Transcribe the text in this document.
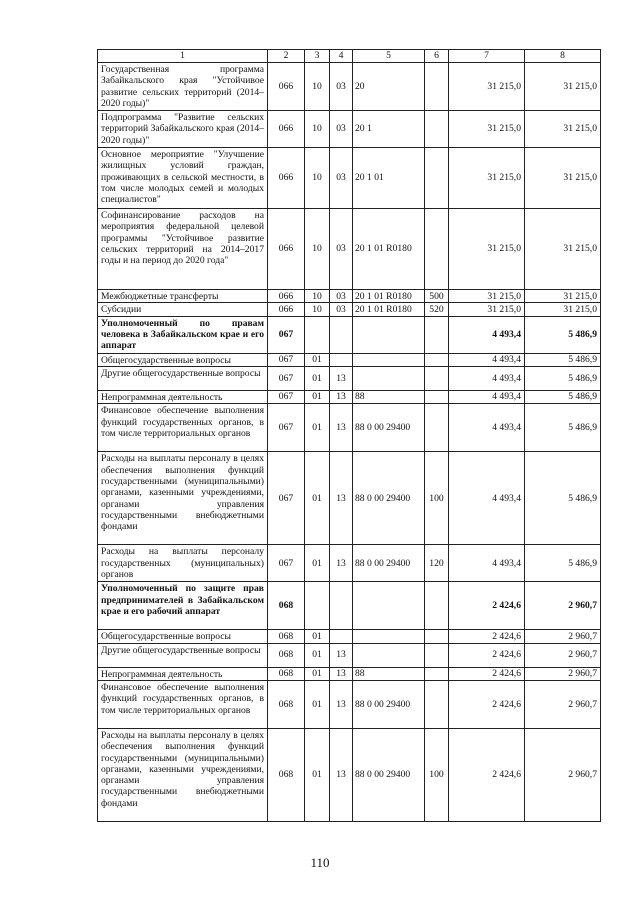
1	2	3	4	5	6	7	8
Государственная программа Забайкальского края "Устойчивое развитие сельских территорий (2014–2020 годы)"	066	10	03	20		31 215,0	31 215,0
Подпрограмма "Развитие сельских территорий Забайкальского края (2014–2020 годы)"	066	10	03	20 1		31 215,0	31 215,0
Основное мероприятие "Улучшение жилищных условий граждан, проживающих в сельской местности, в том числе молодых семей и молодых специалистов"	066	10	03	20 1 01		31 215,0	31 215,0
Софинансирование расходов на мероприятия федеральной целевой программы "Устойчивое развитие сельских территорий на 2014–2017 годы и на период до 2020 года"	066	10	03	20 1 01 R0180		31 215,0	31 215,0
Межбюджетные трансферты	066	10	03	20 1 01 R0180	500	31 215,0	31 215,0
Субсидии	066	10	03	20 1 01 R0180	520	31 215,0	31 215,0
Уполномоченный по правам человека в Забайкальском крае и его аппарат	067					4 493,4	5 486,9
Общегосударственные вопросы	067	01				4 493,4	5 486,9
Другие общегосударственные вопросы	067	01	13			4 493,4	5 486,9
Непрограммная деятельность	067	01	13	88		4 493,4	5 486,9
Финансовое обеспечение выполнения функций государственных органов, в том числе территориальных органов	067	01	13	88 0 00 29400		4 493,4	5 486,9
Расходы на выплаты персоналу в целях обеспечения выполнения функций государственными (муниципальными) органами, казенными учреждениями, органами управления государственными внебюджетными фондами	067	01	13	88 0 00 29400	100	4 493,4	5 486,9
Расходы на выплаты персоналу государственных (муниципальных) органов	067	01	13	88 0 00 29400	120	4 493,4	5 486,9
Уполномоченный по защите прав предпринимателей в Забайкальском крае и его рабочий аппарат	068					2 424,6	2 960,7
Общегосударственные вопросы	068	01				2 424,6	2 960,7
Другие общегосударственные вопросы	068	01	13			2 424,6	2 960,7
Непрограммная деятельность	068	01	13	88		2 424,6	2 960,7
Финансовое обеспечение выполнения функций государственных органов, в том числе территориальных органов	068	01	13	88 0 00 29400		2 424,6	2 960,7
Расходы на выплаты персоналу в целях обеспечения выполнения функций государственными (муниципальными) органами, казенными учреждениями, органами управления государственными внебюджетными фондами	068	01	13	88 0 00 29400	100	2 424,6	2 960,7
110
